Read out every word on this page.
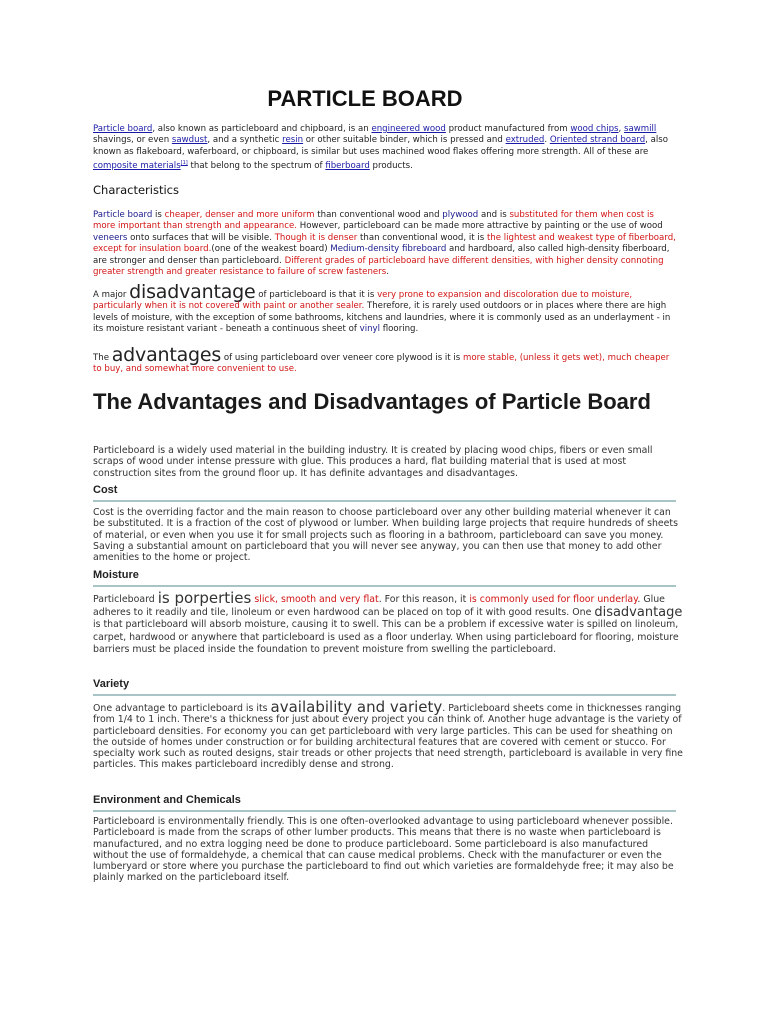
PARTICLE BOARD
Particle board, also known as particleboard and chipboard, is an engineered wood product manufactured from wood chips, sawmill shavings, or even sawdust, and a synthetic resin or other suitable binder, which is pressed and extruded. Oriented strand board, also known as flakeboard, waferboard, or chipboard, is similar but uses machined wood flakes offering more strength. All of these are composite materials[1] that belong to the spectrum of fiberboard products.
Characteristics
Particle board is cheaper, denser and more uniform than conventional wood and plywood and is substituted for them when cost is more important than strength and appearance. However, particleboard can be made more attractive by painting or the use of wood veneers onto surfaces that will be visible. Though it is denser than conventional wood, it is the lightest and weakest type of fiberboard, except for insulation board.(one of the weakest board) Medium-density fibreboard and hardboard, also called high-density fiberboard, are stronger and denser than particleboard. Different grades of particleboard have different densities, with higher density connoting greater strength and greater resistance to failure of screw fasteners.
A major disadvantage of particleboard is that it is very prone to expansion and discoloration due to moisture, particularly when it is not covered with paint or another sealer. Therefore, it is rarely used outdoors or in places where there are high levels of moisture, with the exception of some bathrooms, kitchens and laundries, where it is commonly used as an underlayment - in its moisture resistant variant - beneath a continuous sheet of vinyl flooring.
The advantages of using particleboard over veneer core plywood is it is more stable, (unless it gets wet), much cheaper to buy, and somewhat more convenient to use.
The Advantages and Disadvantages of Particle Board
Particleboard is a widely used material in the building industry. It is created by placing wood chips, fibers or even small scraps of wood under intense pressure with glue. This produces a hard, flat building material that is used at most construction sites from the ground floor up. It has definite advantages and disadvantages.
Cost
Cost is the overriding factor and the main reason to choose particleboard over any other building material whenever it can be substituted. It is a fraction of the cost of plywood or lumber. When building large projects that require hundreds of sheets of material, or even when you use it for small projects such as flooring in a bathroom, particleboard can save you money. Saving a substantial amount on particleboard that you will never see anyway, you can then use that money to add other amenities to the home or project.
Moisture
Particleboard is porperties slick, smooth and very flat. For this reason, it is commonly used for floor underlay. Glue adheres to it readily and tile, linoleum or even hardwood can be placed on top of it with good results. One disadvantage is that particleboard will absorb moisture, causing it to swell. This can be a problem if excessive water is spilled on linoleum, carpet, hardwood or anywhere that particleboard is used as a floor underlay. When using particleboard for flooring, moisture barriers must be placed inside the foundation to prevent moisture from swelling the particleboard.
Variety
One advantage to particleboard is its availability and variety. Particleboard sheets come in thicknesses ranging from 1/4 to 1 inch. There's a thickness for just about every project you can think of. Another huge advantage is the variety of particleboard densities. For economy you can get particleboard with very large particles. This can be used for sheathing on the outside of homes under construction or for building architectural features that are covered with cement or stucco. For specialty work such as routed designs, stair treads or other projects that need strength, particleboard is available in very fine particles. This makes particleboard incredibly dense and strong.
Environment and Chemicals
Particleboard is environmentally friendly. This is one often-overlooked advantage to using particleboard whenever possible. Particleboard is made from the scraps of other lumber products. This means that there is no waste when particleboard is manufactured, and no extra logging need be done to produce particleboard. Some particleboard is also manufactured without the use of formaldehyde, a chemical that can cause medical problems. Check with the manufacturer or even the lumberyard or store where you purchase the particleboard to find out which varieties are formaldehyde free; it may also be plainly marked on the particleboard itself.
